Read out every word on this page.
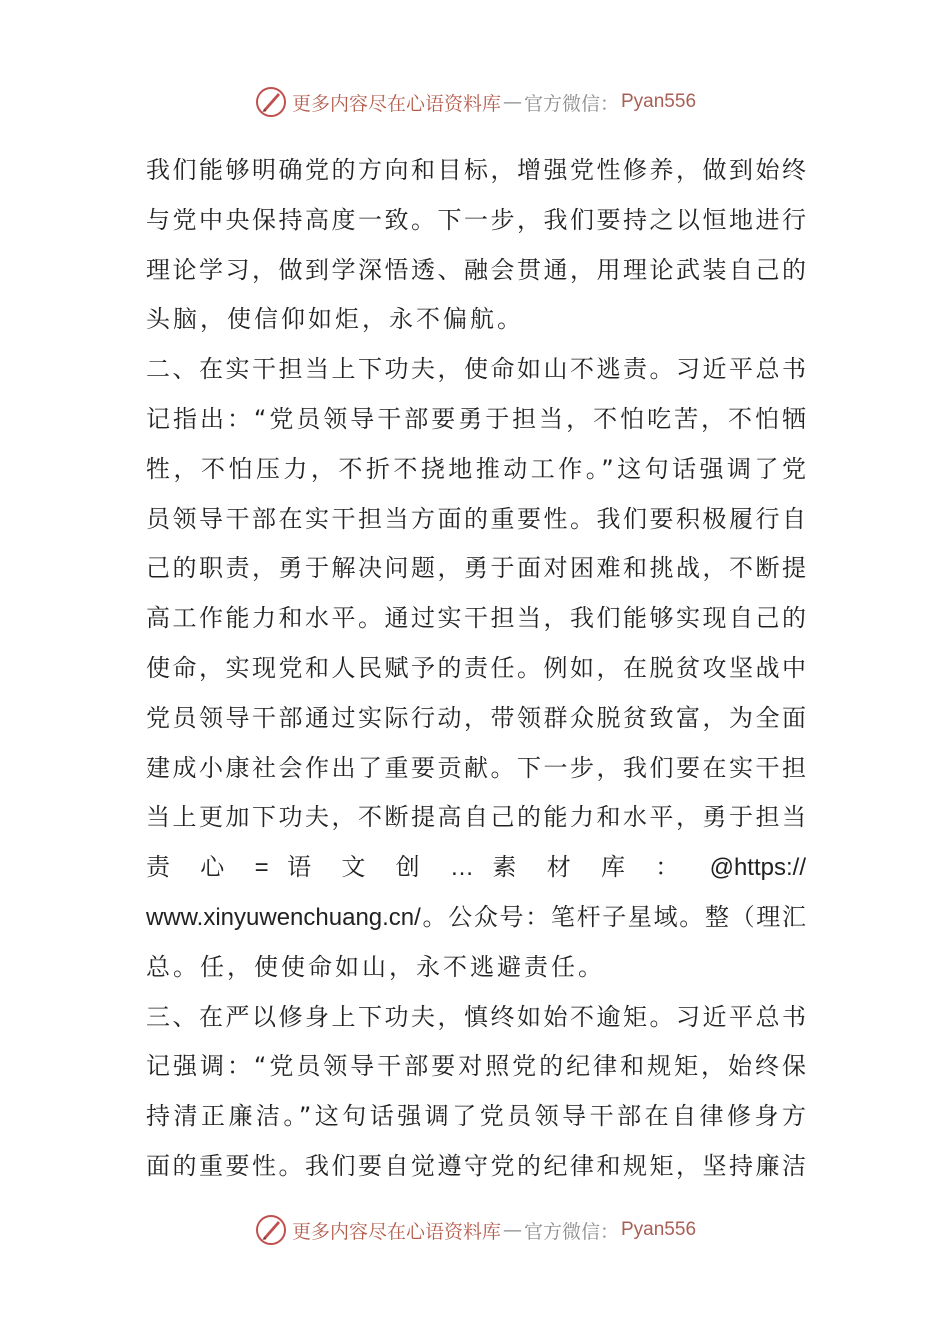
更多内容尽在心语资料库 — 官方微信： Pyan556
我们能够明确党的方向和目标，增强党性修养，做到始终
与党中央保持高度一致。下一步，我们要持之以恒地进行
理论学习，做到学深悟透、融会贯通，用理论武装自己的
头脑，使信仰如炬，永不偏航。
二、在实干担当上下功夫，使命如山不逃责。习近平总书
记指出：“党员领导干部要勇于担当，不怕吃苦，不怕牺
牲，不怕压力，不折不挠地推动工作。”这句话强调了党
员领导干部在实干担当方面的重要性。我们要积极履行自
己的职责，勇于解决问题，勇于面对困难和挑战，不断提
高工作能力和水平。通过实干担当，我们能够实现自己的
使命，实现党和人民赋予的责任。例如，在脱贫攻坚战中
党员领导干部通过实际行动，带领群众脱贫致富，为全面
建成小康社会作出了重要贡献。下一步，我们要在实干担
当上更加下功夫，不断提高自己的能力和水平，勇于担当
责 心 = 语 文 创 … 素 材 库 ： @https://
www.xinyuwenchuang.cn/。公众号：笔杆子星域。整（理汇
总。任，使使命如山，永不逃避责任。
三、在严以修身上下功夫，慎终如始不逾矩。习近平总书
记强调：“党员领导干部要对照党的纪律和规矩，始终保
持清正廉洁。”这句话强调了党员领导干部在自律修身方
面的重要性。我们要自觉遵守党的纪律和规矩，坚持廉洁
更多内容尽在心语资料库 — 官方微信： Pyan556
